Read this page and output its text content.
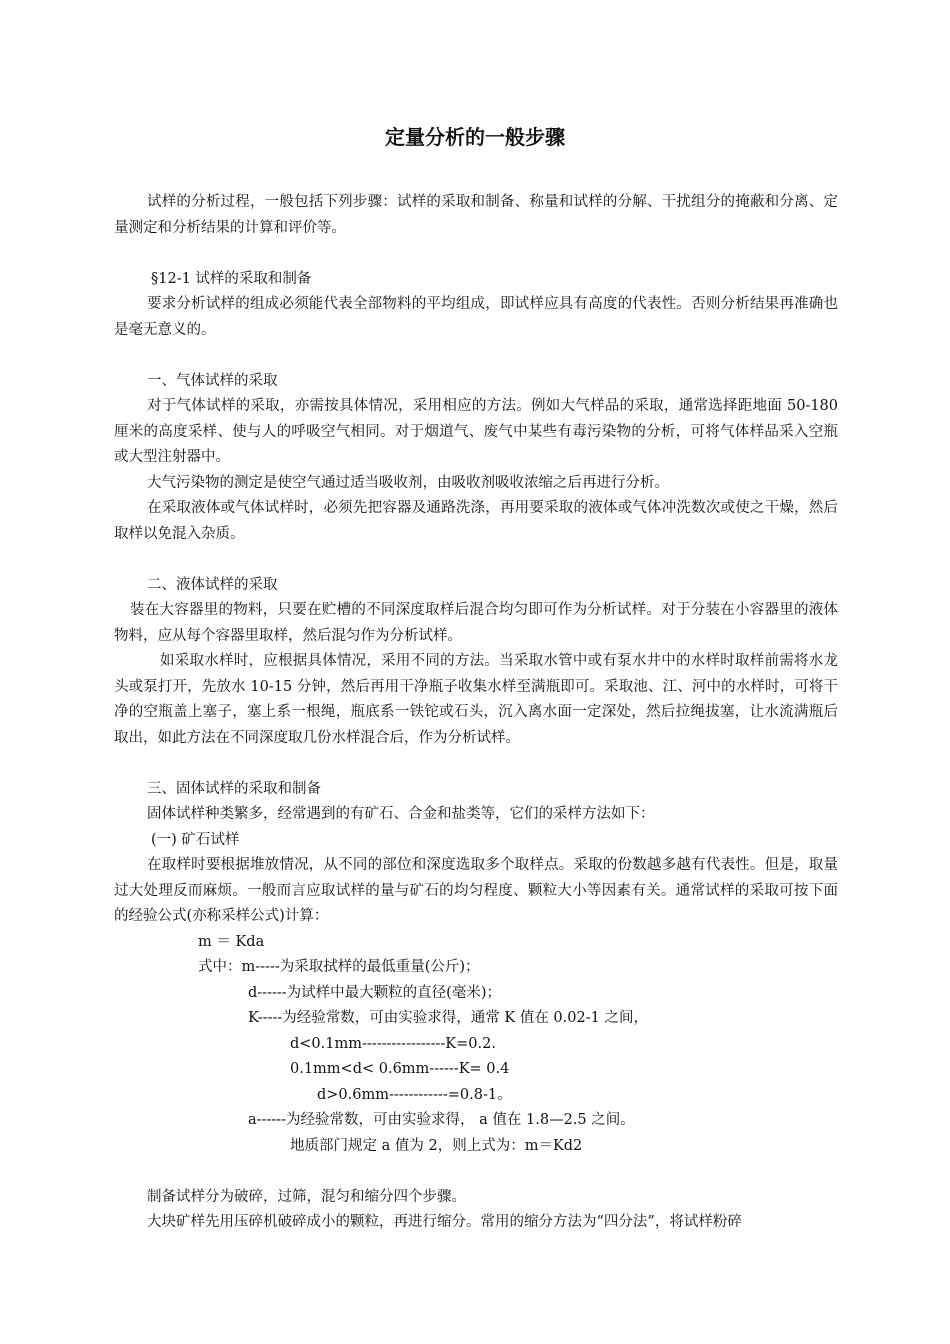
定量分析的一般步骤

试样的分析过程，一般包括下列步骤：试样的采取和制备、称量和试样的分解、干扰组分的掩蔽和分离、定量测定和分析结果的计算和评价等。

§12-1 试样的采取和制备

要求分析试样的组成必须能代表全部物料的平均组成，即试样应具有高度的代表性。否则分析结果再准确也是毫无意义的。

一、气体试样的采取

对于气体试样的采取，亦需按具体情况，采用相应的方法。例如大气样品的采取，通常选择距地面 50-180 厘米的高度采样、使与人的呼吸空气相同。对于烟道气、废气中某些有毒污染物的分析，可将气体样品采入空瓶或大型注射器中。

大气污染物的测定是使空气通过适当吸收剂，由吸收剂吸收浓缩之后再进行分析。

在采取液体或气体试样时，必须先把容器及通路洗涤，再用要采取的液体或气体冲洗数次或使之干燥，然后取样以免混入杂质。

二、液体试样的采取

装在大容器里的物料，只要在贮槽的不同深度取样后混合均匀即可作为分析试样。对于分装在小容器里的液体物料，应从每个容器里取样，然后混匀作为分析试样。

如采取水样时，应根据具体情况，采用不同的方法。当采取水管中或有泵水井中的水样时取样前需将水龙头或泵打开，先放水 10-15 分钟，然后再用干净瓶子收集水样至满瓶即可。采取池、江、河中的水样时，可将干净的空瓶盖上塞子，塞上系一根绳，瓶底系一铁铊或石头，沉入离水面一定深处，然后拉绳拔塞，让水流满瓶后取出，如此方法在不同深度取几份水样混合后，作为分析试样。

三、固体试样的采取和制备

固体试样种类繁多，经常遇到的有矿石、合金和盐类等，它们的采样方法如下：

(一) 矿石试样

在取样时要根据堆放情况，从不同的部位和深度选取多个取样点。采取的份数越多越有代表性。但是，取量过大处理反而麻烦。一般而言应取试样的量与矿石的均匀程度、颗粒大小等因素有关。通常试样的采取可按下面的经验公式(亦称采样公式)计算：

m ＝ Kda

式中：m-----为采取拭样的最低重量(公斤)；

d------为试样中最大颗粒的直径(毫米)；

K-----为经验常数，可由实验求得，通常 K 值在 0.02-1 之间，

d<0.1mm-----------------K=0.2.

0.1mm<d< 0.6mm------K= 0.4

d>0.6mm------------=0.8-1。

a------为经验常数，可由实验求得， a 值在 1.8—2.5 之间。

地质部门规定 a 值为 2，则上式为：m＝Kd2

制备试样分为破碎，过筛，混匀和缩分四个步骤。

大块矿样先用压碎机破碎成小的颗粒，再进行缩分。常用的缩分方法为“四分法”，将试样粉碎
